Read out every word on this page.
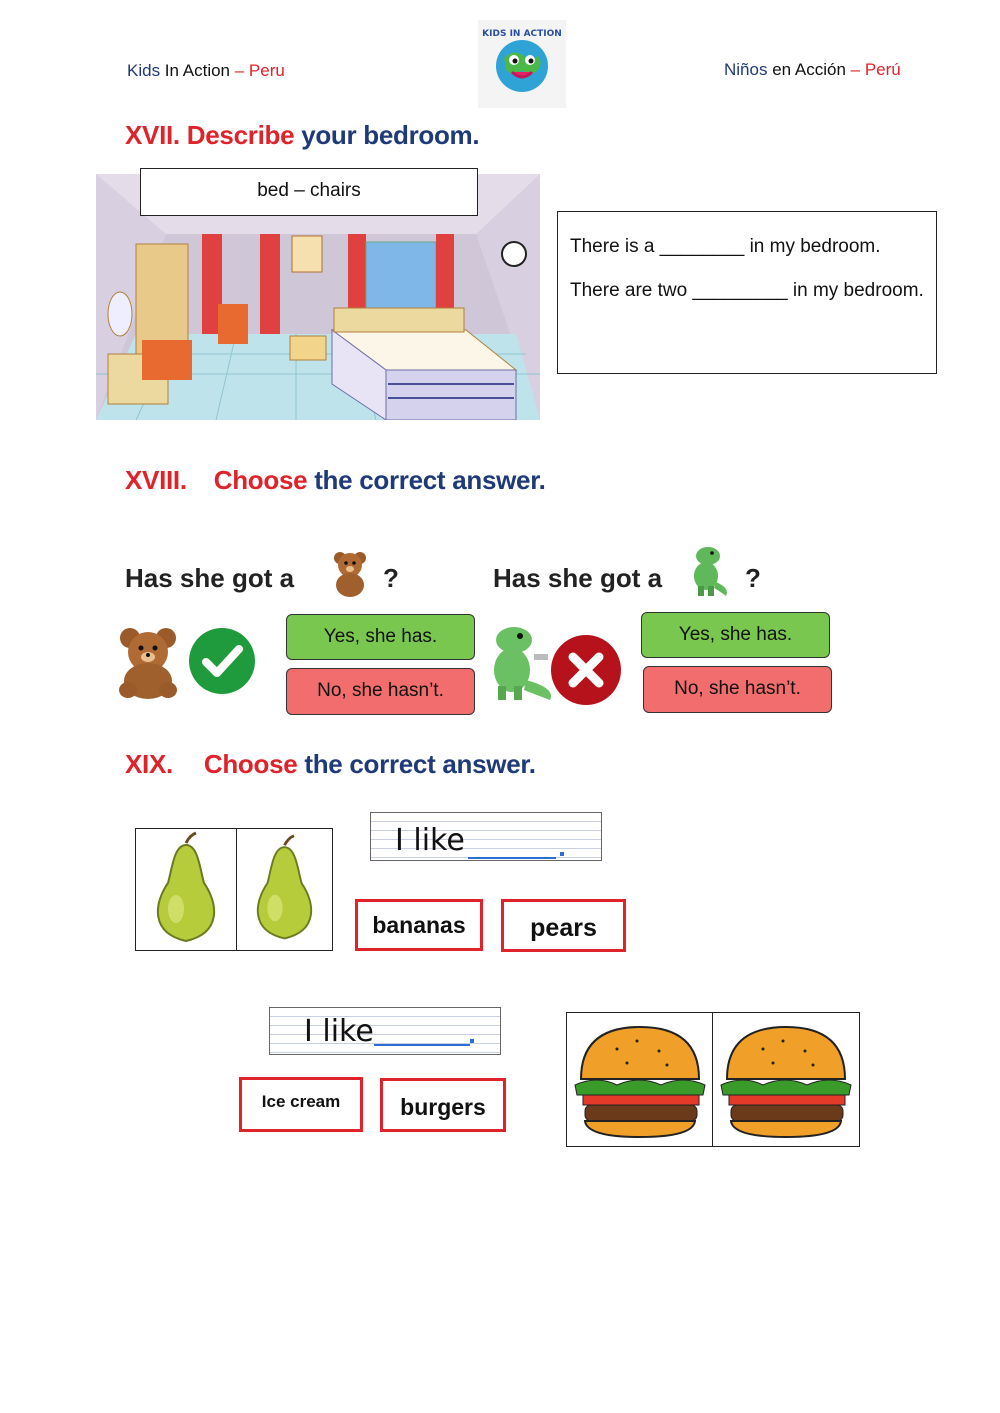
Kids In Action – Peru
KIDS IN ACTION
Niños en Acción – Perú
XVII. Describe your bedroom.
bed – chairs
There is a ________ in my bedroom.
There are two _________ in my bedroom.
XVIII. Choose the correct answer.
Has she got a	?
Yes, she has.
No, she hasn’t.
Has she got a	?
Yes, she has.
No, she hasn’t.
XIX. Choose the correct answer.
I like
bananas	pears
I like
Ice cream	burgers
